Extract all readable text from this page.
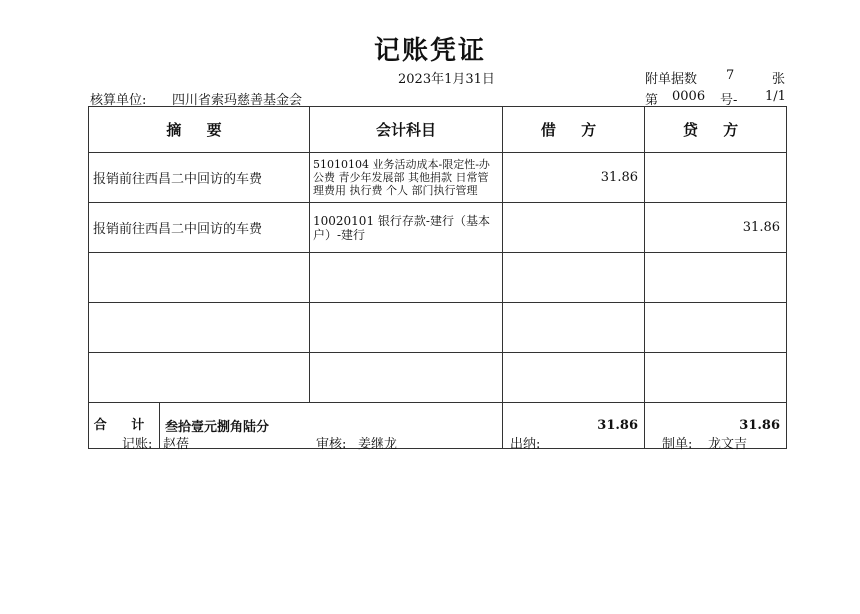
记账凭证
2023年1月31日	附单据数 7	张
核算单位: 四川省索玛慈善基金会	第 0006 号- 1/1
摘 要	会计科目	借 方	贷 方
报销前往西昌二中回访的车费	51010104 业务活动成本-限定性-办公费 青少年发展部 其他捐款 日常管理费用 执行费 个人 部门执行管理	31.86	
报销前往西昌二中回访的车费	10020101 银行存款-建行（基本户）-建行		31.86

合 计 叁拾壹元捌角陆分		31.86	31.86
记账: 赵蓓	审核: 姜继龙	出纳:	制单: 龙文吉
